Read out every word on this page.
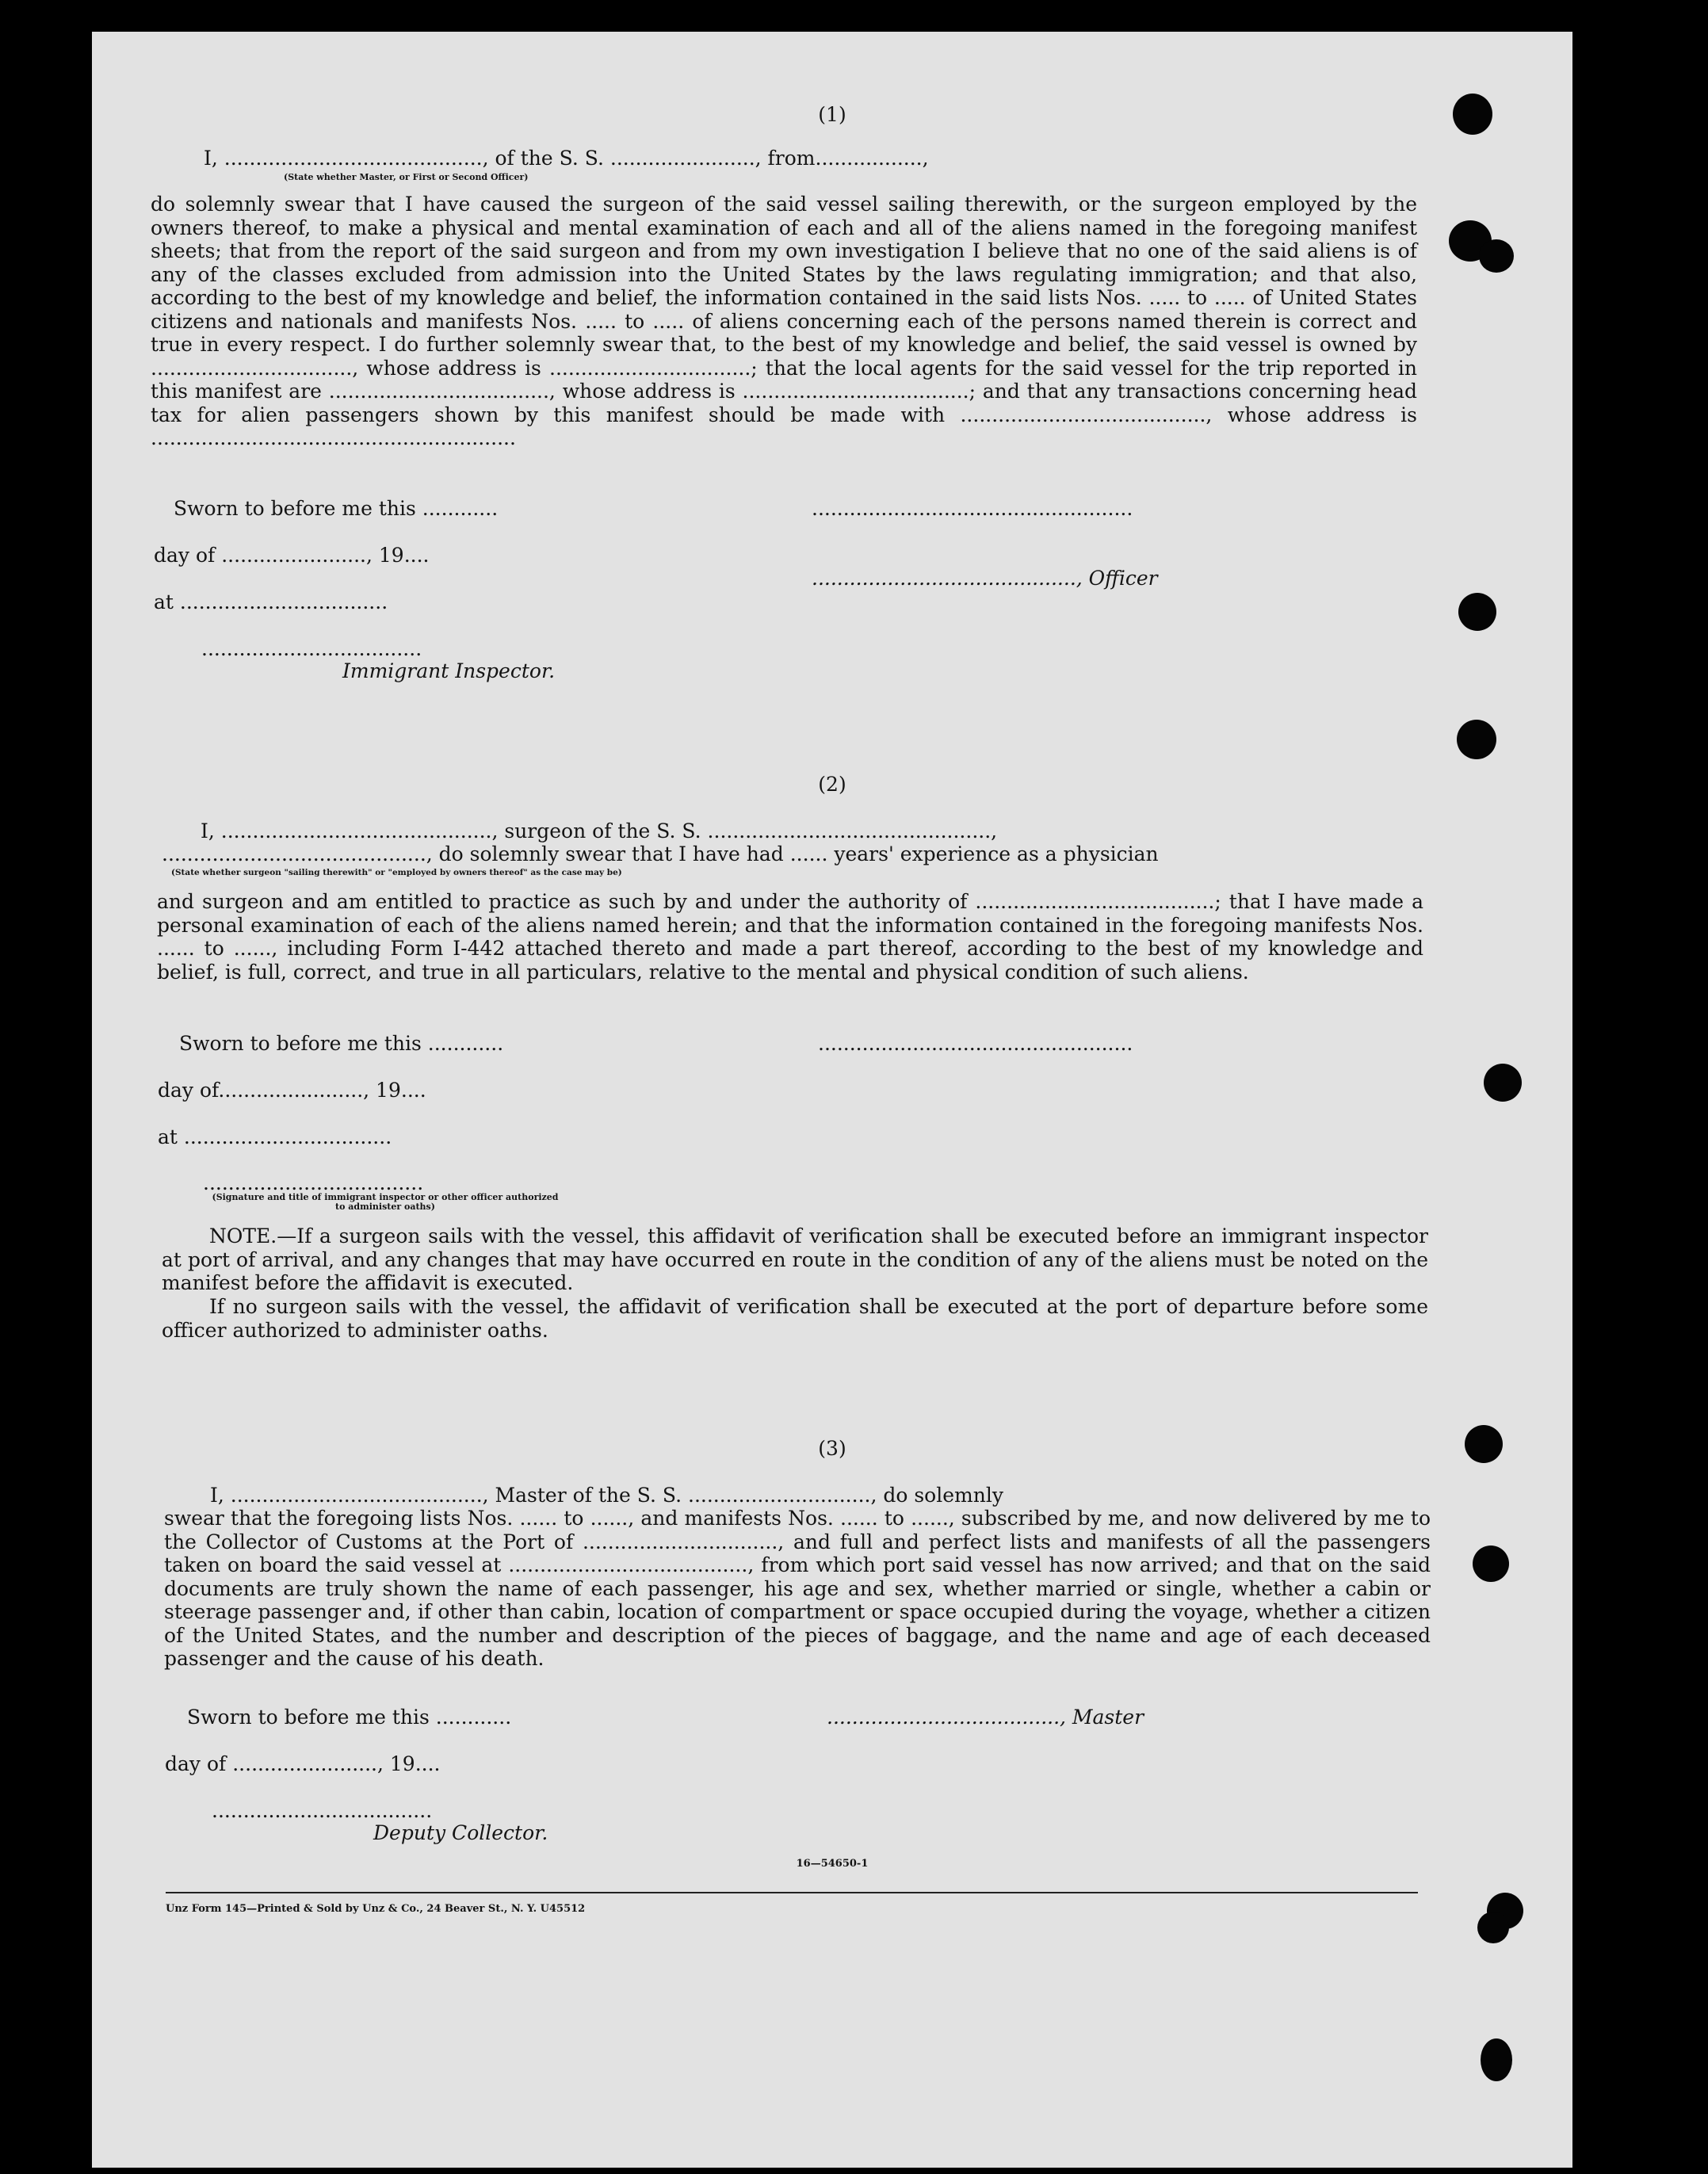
(1)
I, ........................................., of the S. S. ......................., from.................,
(State whether Master, or First or Second Officer)
do solemnly swear that I have caused the surgeon of the said vessel sailing therewith, or the surgeon employed by the owners thereof, to make a physical and mental examination of each and all of the aliens named in the foregoing manifest sheets; that from the report of the said surgeon and from my own investigation I believe that no one of the said aliens is of any of the classes excluded from admission into the United States by the laws regulating immigration; and that also, according to the best of my knowledge and belief, the information contained in the said lists Nos. ..... to ..... of United States citizens and nationals and manifests Nos. ..... to ..... of aliens concerning each of the persons named therein is correct and true in every respect. I do further solemnly swear that, to the best of my knowledge and belief, the said vessel is owned by ................................, whose address is ................................; that the local agents for the said vessel for the trip reported in this manifest are ..................................., whose address is ....................................; and that any transactions concerning head tax for alien passengers shown by this manifest should be made with ......................................., whose address is ..........................................................
Sworn to before me this ............
day of ......................., 19....
at .................................
...................................
Immigrant Inspector.
...................................................
.........................................., Officer
(2)
I, ..........................................., surgeon of the S. S. .............................................,
.........................................., do solemnly swear that I have had ...... years' experience as a physician
(State whether surgeon "sailing therewith" or "employed by owners thereof" as the case may be)
and surgeon and am entitled to practice as such by and under the authority of ......................................; that I have made a personal examination of each of the aliens named herein; and that the information contained in the foregoing manifests Nos. ...... to ......, including Form I-442 attached thereto and made a part thereof, according to the best of my knowledge and belief, is full, correct, and true in all particulars, relative to the mental and physical condition of such aliens.
Sworn to before me this ............
day of......................., 19....
at .................................
..................................................
...................................
(Signature and title of immigrant inspector or other officer authorized to administer oaths)
NOTE.—If a surgeon sails with the vessel, this affidavit of verification shall be executed before an immigrant inspector at port of arrival, and any changes that may have occurred en route in the condition of any of the aliens must be noted on the manifest before the affidavit is executed.
If no surgeon sails with the vessel, the affidavit of verification shall be executed at the port of departure before some officer authorized to administer oaths.
(3)
I, ........................................, Master of the S. S. ............................., do solemnly
swear that the foregoing lists Nos. ...... to ......, and manifests Nos. ...... to ......, subscribed by me, and now delivered by me to the Collector of Customs at the Port of ..............................., and full and perfect lists and manifests of all the passengers taken on board the said vessel at ......................................, from which port said vessel has now arrived; and that on the said documents are truly shown the name of each passenger, his age and sex, whether married or single, whether a cabin or steerage passenger and, if other than cabin, location of compartment or space occupied during the voyage, whether a citizen of the United States, and the number and description of the pieces of baggage, and the name and age of each deceased passenger and the cause of his death.
Sworn to before me this ............
day of ......................., 19....
...................................
Deputy Collector.
....................................., Master
16—54650-1
Unz Form 145—Printed & Sold by Unz & Co., 24 Beaver St., N. Y. U45512
